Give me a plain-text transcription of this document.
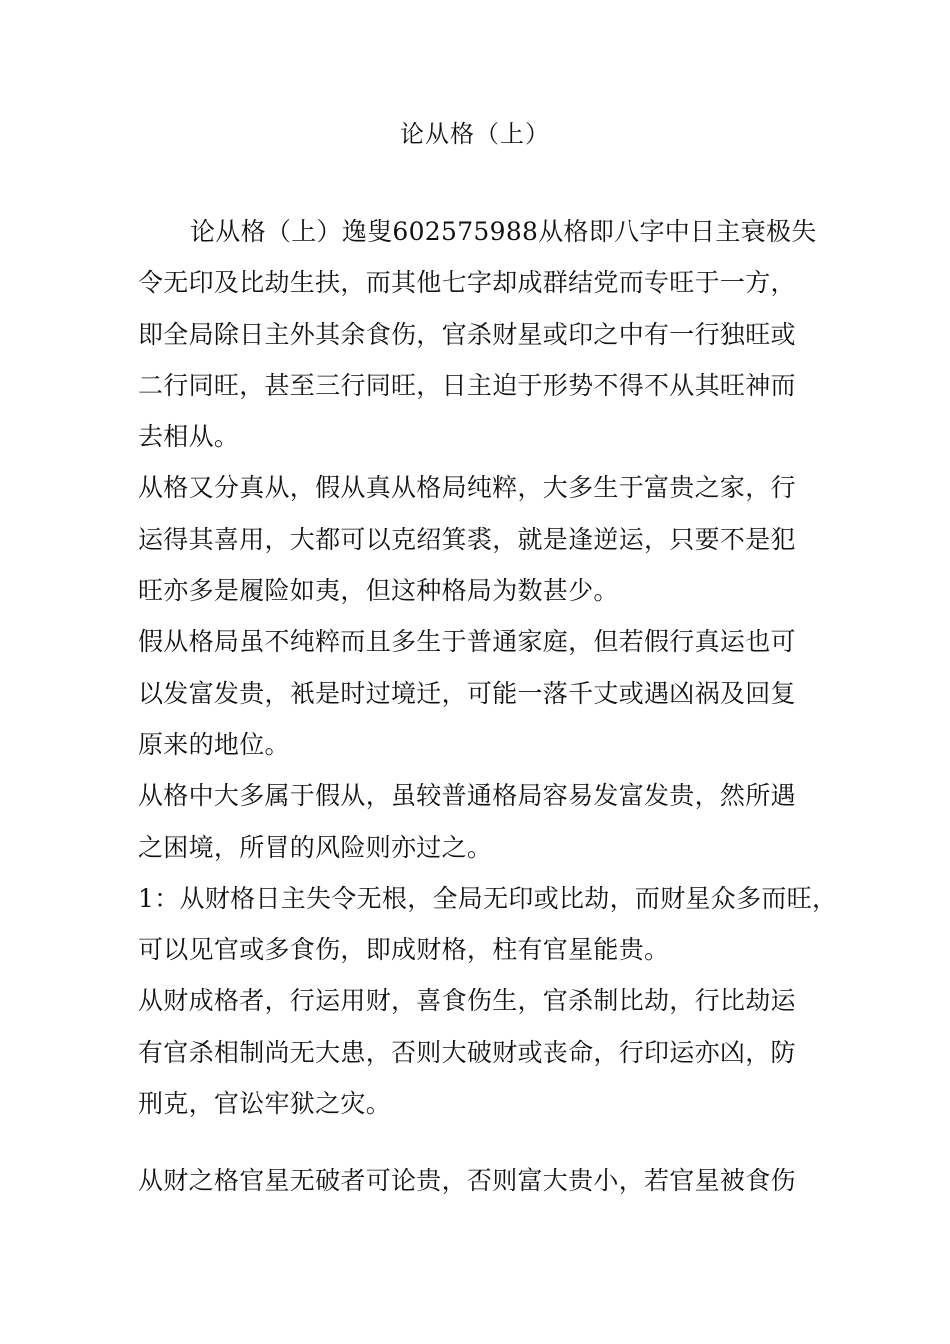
论从格（上）
论从格（上）逸叟602575988从格即八字中日主衰极失
令无印及比劫生扶，而其他七字却成群结党而专旺于一方，
即全局除日主外其余食伤，官杀财星或印之中有一行独旺或
二行同旺，甚至三行同旺，日主迫于形势不得不从其旺神而
去相从。
从格又分真从，假从真从格局纯粹，大多生于富贵之家，行
运得其喜用，大都可以克绍箕裘，就是逢逆运，只要不是犯
旺亦多是履险如夷，但这种格局为数甚少。
假从格局虽不纯粹而且多生于普通家庭，但若假行真运也可
以发富发贵，衹是时过境迁，可能一落千丈或遇凶祸及回复
原来的地位。
从格中大多属于假从，虽较普通格局容易发富发贵，然所遇
之困境，所冒的风险则亦过之。
1：从财格日主失令无根，全局无印或比劫，而财星众多而旺，
可以见官或多食伤，即成财格，柱有官星能贵。
从财成格者，行运用财，喜食伤生，官杀制比劫，行比劫运
有官杀相制尚无大患，否则大破财或丧命，行印运亦凶，防
刑克，官讼牢狱之灾。
从财之格官星无破者可论贵，否则富大贵小，若官星被食伤
